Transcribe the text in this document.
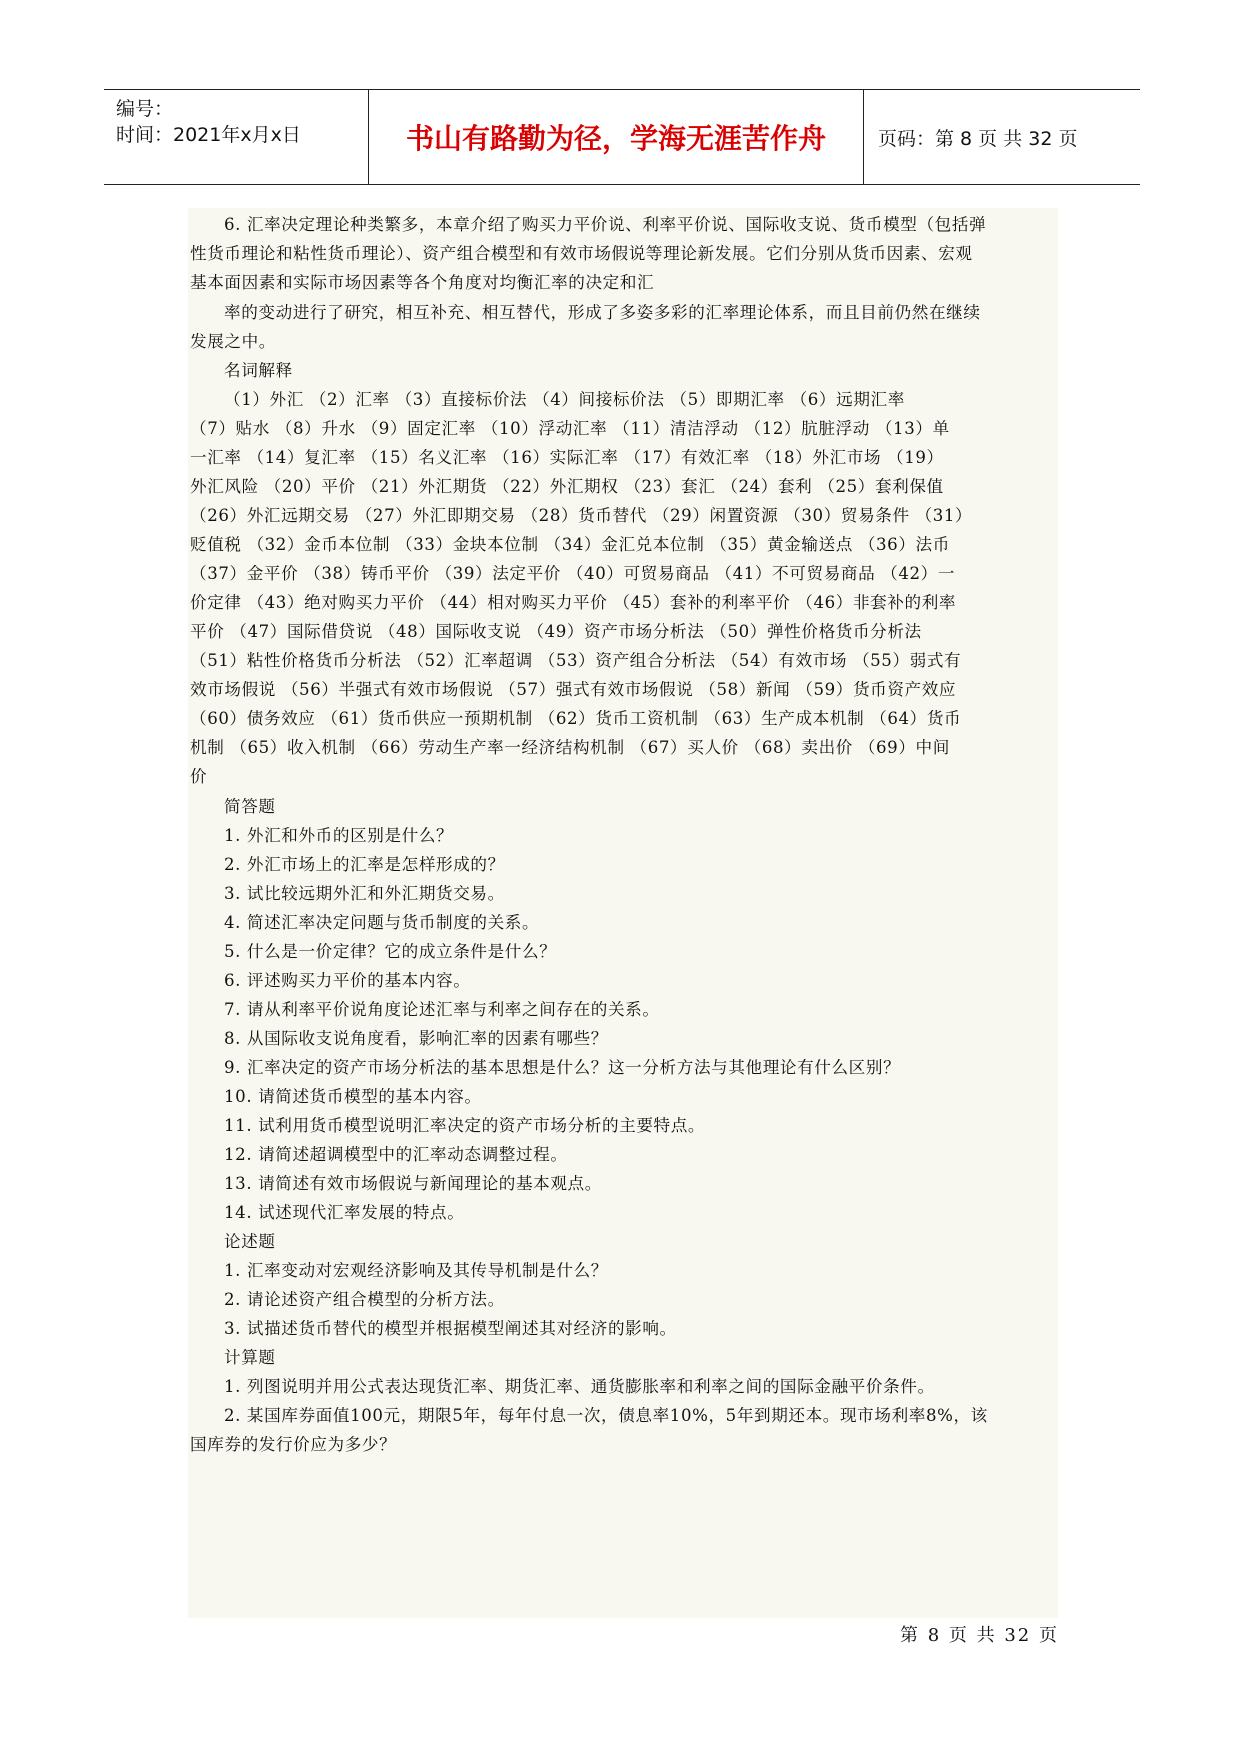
编号：
时间：2021年x月x日	书山有路勤为径，学海无涯苦作舟	页码：第 8 页 共 32 页
6. 汇率决定理论种类繁多，本章介绍了购买力平价说、利率平价说、国际收支说、货币模型（包括弹
性货币理论和粘性货币理论）、资产组合模型和有效市场假说等理论新发展。它们分别从货币因素、宏观
基本面因素和实际市场因素等各个角度对均衡汇率的决定和汇
率的变动进行了研究，相互补充、相互替代，形成了多姿多彩的汇率理论体系，而且目前仍然在继续
发展之中。
名词解释
（1）外汇 （2）汇率 （3）直接标价法 （4）间接标价法 （5）即期汇率 （6）远期汇率
（7）贴水 （8）升水 （9）固定汇率 （10）浮动汇率 （11）清洁浮动 （12）肮脏浮动 （13）单
一汇率 （14）复汇率 （15）名义汇率 （16）实际汇率 （17）有效汇率 （18）外汇市场 （19）
外汇风险 （20）平价 （21）外汇期货 （22）外汇期权 （23）套汇 （24）套利 （25）套利保值
（26）外汇远期交易 （27）外汇即期交易 （28）货币替代 （29）闲置资源 （30）贸易条件 （31）
贬值税 （32）金币本位制 （33）金块本位制 （34）金汇兑本位制 （35）黄金输送点 （36）法币
（37）金平价 （38）铸币平价 （39）法定平价 （40）可贸易商品 （41）不可贸易商品 （42）一
价定律 （43）绝对购买力平价 （44）相对购买力平价 （45）套补的利率平价 （46）非套补的利率
平价 （47）国际借贷说 （48）国际收支说 （49）资产市场分析法 （50）弹性价格货币分析法
（51）粘性价格货币分析法 （52）汇率超调 （53）资产组合分析法 （54）有效市场 （55）弱式有
效市场假说 （56）半强式有效市场假说 （57）强式有效市场假说 （58）新闻 （59）货币资产效应
（60）债务效应 （61）货币供应一预期机制 （62）货币工资机制 （63）生产成本机制 （64）货币
机制 （65）收入机制 （66）劳动生产率一经济结构机制 （67）买人价 （68）卖出价 （69）中间
价
简答题
1. 外汇和外币的区别是什么？
2. 外汇市场上的汇率是怎样形成的？
3. 试比较远期外汇和外汇期货交易。
4. 简述汇率决定问题与货币制度的关系。
5. 什么是一价定律？它的成立条件是什么？
6. 评述购买力平价的基本内容。
7. 请从利率平价说角度论述汇率与利率之间存在的关系。
8. 从国际收支说角度看，影响汇率的因素有哪些？
9. 汇率决定的资产市场分析法的基本思想是什么？这一分析方法与其他理论有什么区别？
10. 请简述货币模型的基本内容。
11. 试利用货币模型说明汇率决定的资产市场分析的主要特点。
12. 请简述超调模型中的汇率动态调整过程。
13. 请简述有效市场假说与新闻理论的基本观点。
14. 试述现代汇率发展的特点。
论述题
1. 汇率变动对宏观经济影响及其传导机制是什么？
2. 请论述资产组合模型的分析方法。
3. 试描述货币替代的模型并根据模型阐述其对经济的影响。
计算题
1. 列图说明并用公式表达现货汇率、期货汇率、通货膨胀率和利率之间的国际金融平价条件。
2. 某国库券面值100元，期限5年，每年付息一次，债息率10%，5年到期还本。现市场利率8%，该
国库券的发行价应为多少？
第 8 页 共 32 页
